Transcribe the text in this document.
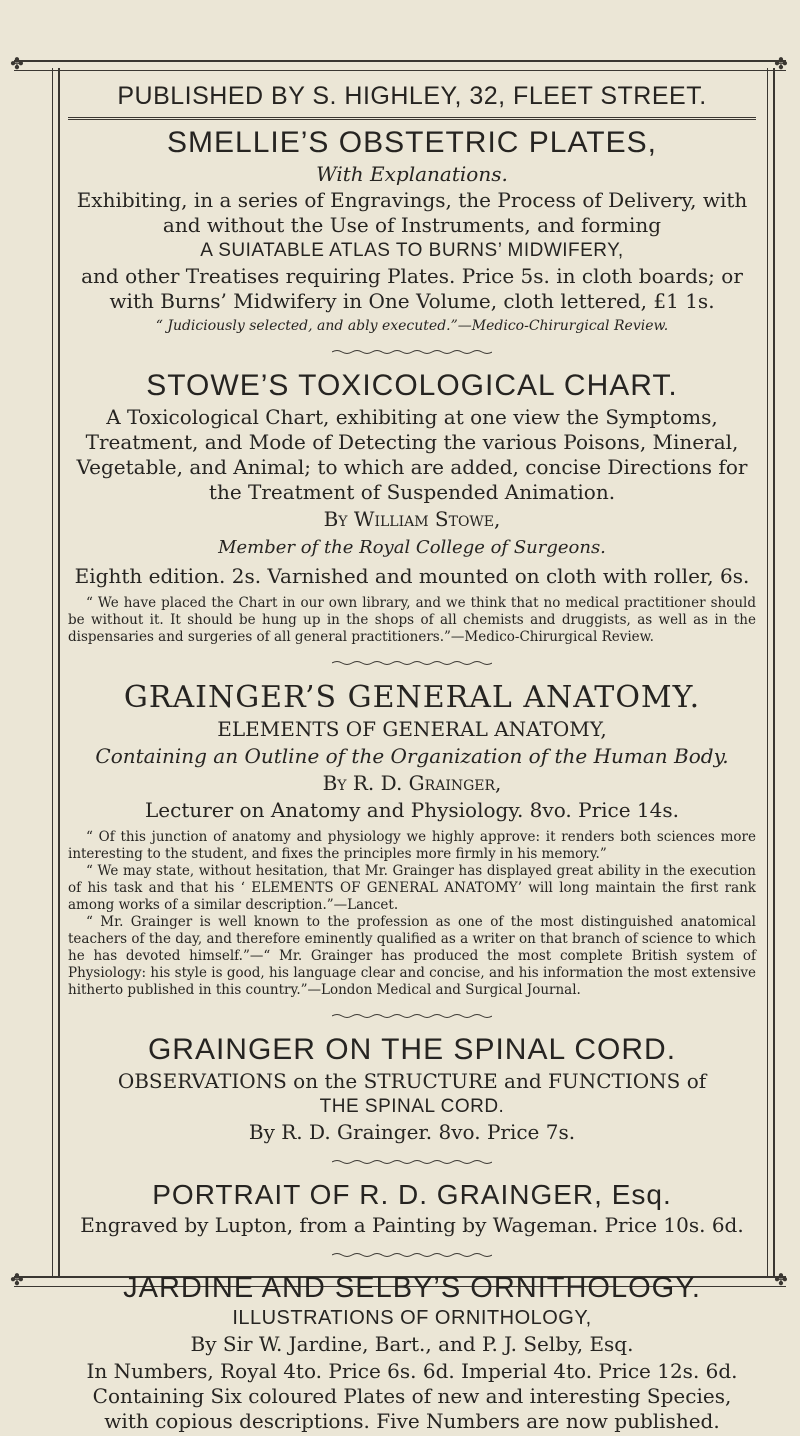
✤	✤
✤	✤

PUBLISHED BY S. HIGHLEY, 32, FLEET STREET.

SMELLIE’S OBSTETRIC PLATES,

With Explanations.

Exhibiting, in a series of Engravings, the Process of Delivery, with and without the Use of Instruments, and forming

A SUIATABLE ATLAS TO BURNS’ MIDWIFERY,

and other Treatises requiring Plates. Price 5s. in cloth boards; or with Burns’ Midwifery in One Volume, cloth lettered, £1 1s.

“ Judiciously selected, and ably executed.”—Medico-Chirurgical Review.

STOWE’S TOXICOLOGICAL CHART.

A Toxicological Chart, exhibiting at one view the Symptoms, Treatment, and Mode of Detecting the various Poisons, Mineral, Vegetable, and Animal; to which are added, concise Directions for the Treatment of Suspended Animation.

By William Stowe,

Member of the Royal College of Surgeons.

Eighth edition. 2s. Varnished and mounted on cloth with roller, 6s.

“ We have placed the Chart in our own library, and we think that no medical practitioner should be without it. It should be hung up in the shops of all chemists and druggists, as well as in the dispensaries and surgeries of all general practitioners.”—Medico-Chirurgical Review.

GRAINGER’S GENERAL ANATOMY.

ELEMENTS OF GENERAL ANATOMY,

Containing an Outline of the Organization of the Human Body.

By R. D. Grainger,

Lecturer on Anatomy and Physiology. 8vo. Price 14s.

“ Of this junction of anatomy and physiology we highly approve: it renders both sciences more interesting to the student, and fixes the principles more firmly in his memory.”

“ We may state, without hesitation, that Mr. Grainger has displayed great ability in the execution of his task and that his ‘ ELEMENTS OF GENERAL ANATOMY’ will long maintain the first rank among works of a similar description.”—Lancet.

“ Mr. Grainger is well known to the profession as one of the most distinguished anatomical teachers of the day, and therefore eminently qualified as a writer on that branch of science to which he has devoted himself.”—“ Mr. Grainger has produced the most complete British system of Physiology: his style is good, his language clear and concise, and his information the most extensive hitherto published in this country.”—London Medical and Surgical Journal.

GRAINGER ON THE SPINAL CORD.

OBSERVATIONS on the STRUCTURE and FUNCTIONS of

THE SPINAL CORD.

By R. D. Grainger. 8vo. Price 7s.

PORTRAIT OF R. D. GRAINGER, Esq.

Engraved by Lupton, from a Painting by Wageman. Price 10s. 6d.

JARDINE AND SELBY’S ORNITHOLOGY.

ILLUSTRATIONS OF ORNITHOLOGY,

By Sir W. Jardine, Bart., and P. J. Selby, Esq.

In Numbers, Royal 4to. Price 6s. 6d. Imperial 4to. Price 12s. 6d. Containing Six coloured Plates of new and interesting Species, with copious descriptions. Five Numbers are now published.
